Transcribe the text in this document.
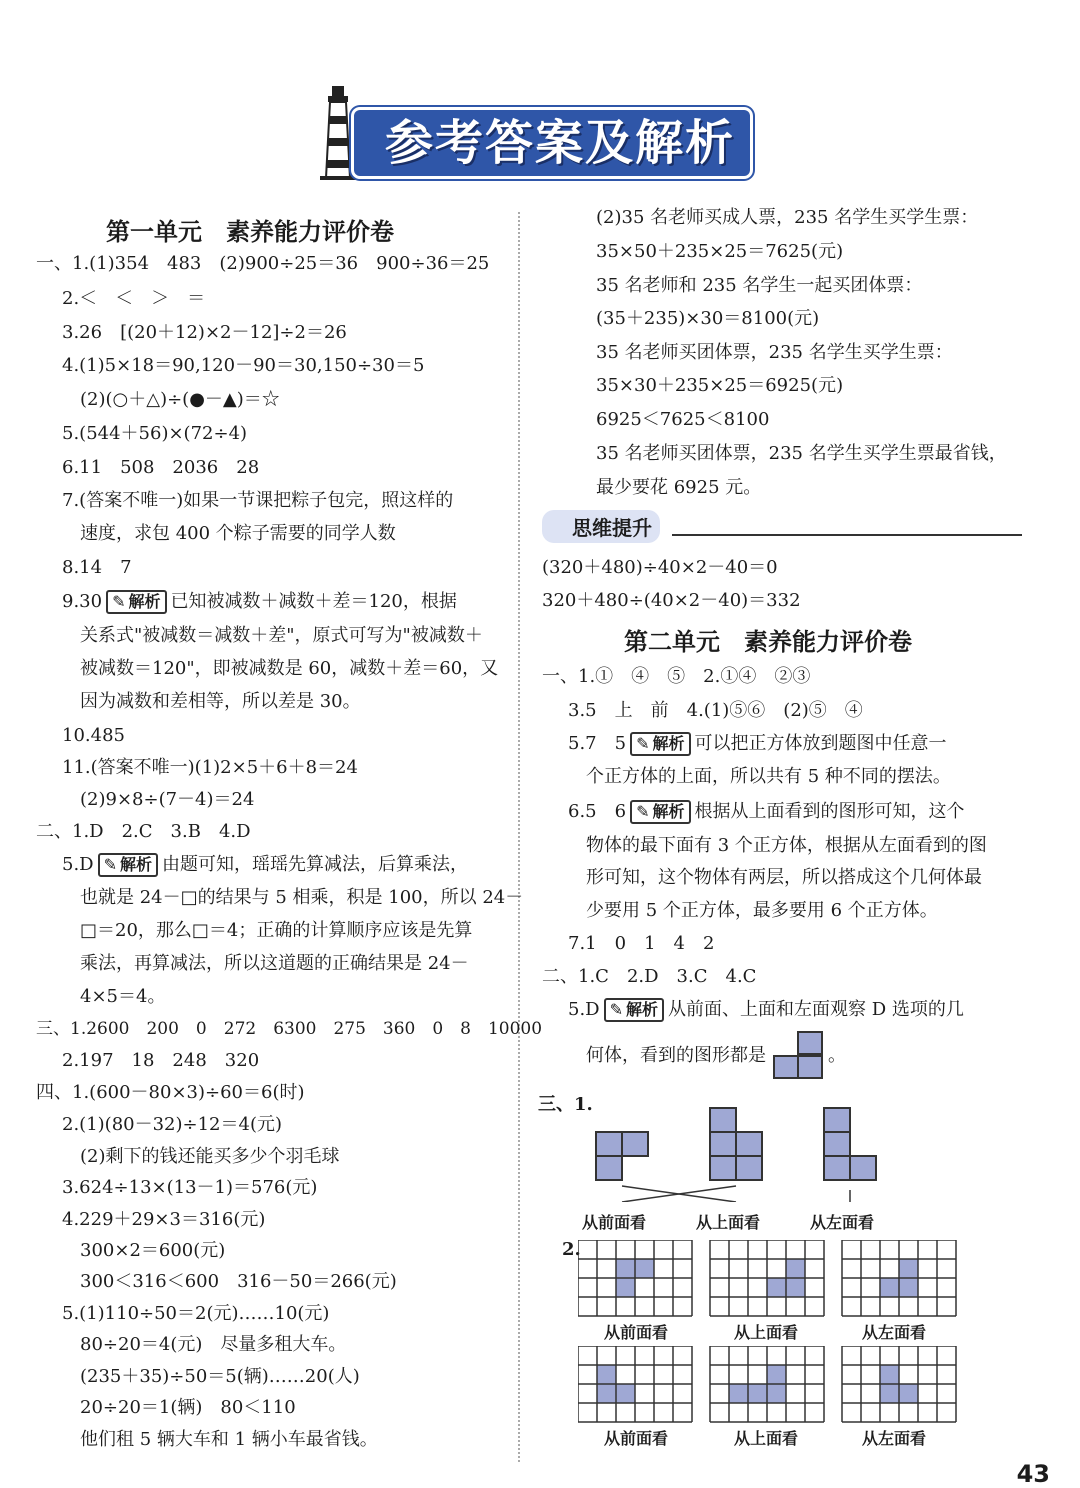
参考答案及解析
第一单元　素养能力评价卷
一、1.(1)354　483　(2)900÷25＝36　900÷36＝25
2.＜　＜　＞　＝
3.26　[(20＋12)×2－12]÷2＝26
4.(1)5×18＝90,120－90＝30,150÷30＝5
(2)(○＋△)÷(●－▲)＝☆
5.(544＋56)×(72÷4)
6.11　508　2036　28
7.(答案不唯一)如果一节课把粽子包完，照这样的
速度，求包 400 个粽子需要的同学人数
8.14　7
9.30 ✎ 解析 已知被减数＋减数＋差＝120，根据
关系式"被减数＝减数＋差"，原式可写为"被减数＋
被减数＝120"，即被减数是 60，减数＋差＝60，又
因为减数和差相等，所以差是 30。
10.485
11.(答案不唯一)(1)2×5＋6＋8＝24
(2)9×8÷(7－4)＝24
二、1.D　2.C　3.B　4.D
5.D ✎ 解析 由题可知，瑶瑶先算减法，后算乘法，
也就是 24－□的结果与 5 相乘，积是 100，所以 24－
□＝20，那么□＝4；正确的计算顺序应该是先算
乘法，再算减法，所以这道题的正确结果是 24－
4×5＝4。
三、1.2600　200　0　272　6300　275　360　0　8　10000
2.197　18　248　320
四、1.(600－80×3)÷60＝6(时)
2.(1)(80－32)÷12＝4(元)
(2)剩下的钱还能买多少个羽毛球
3.624÷13×(13－1)＝576(元)
4.229＋29×3＝316(元)
300×2＝600(元)
300＜316＜600　316－50＝266(元)
5.(1)110÷50＝2(元)……10(元)
80÷20＝4(元)　尽量多租大车。
(235＋35)÷50＝5(辆)……20(人)
20÷20＝1(辆)　80＜110
他们租 5 辆大车和 1 辆小车最省钱。
(2)35 名老师买成人票，235 名学生买学生票：
35×50＋235×25＝7625(元)
35 名老师和 235 名学生一起买团体票：
(35＋235)×30＝8100(元)
35 名老师买团体票，235 名学生买学生票：
35×30＋235×25＝6925(元)
6925＜7625＜8100
35 名老师买团体票，235 名学生买学生票最省钱，
最少要花 6925 元。
思维提升
(320＋480)÷40×2－40＝0
320＋480÷(40×2－40)＝332
第二单元　素养能力评价卷
一、1.①　④　⑤　2.①④　②③
3.5　上　前　4.(1)⑤⑥　(2)⑤　④
5.7　5 ✎ 解析 可以把正方体放到题图中任意一
个正方体的上面，所以共有 5 种不同的摆法。
6.5　6 ✎ 解析 根据从上面看到的图形可知，这个
物体的最下面有 3 个正方体，根据从左面看到的图
形可知，这个物体有两层，所以搭成这个几何体最
少要用 5 个正方体，最多要用 6 个正方体。
7.1　0　1　4　2
二、1.C　2.D　3.C　4.C
5.D ✎ 解析 从前面、上面和左面观察 D 选项的几
何体，看到的图形都是	。
三、1.
从前面看	从上面看	从左面看
2.
从前面看	从上面看	从左面看
从前面看	从上面看	从左面看
43
